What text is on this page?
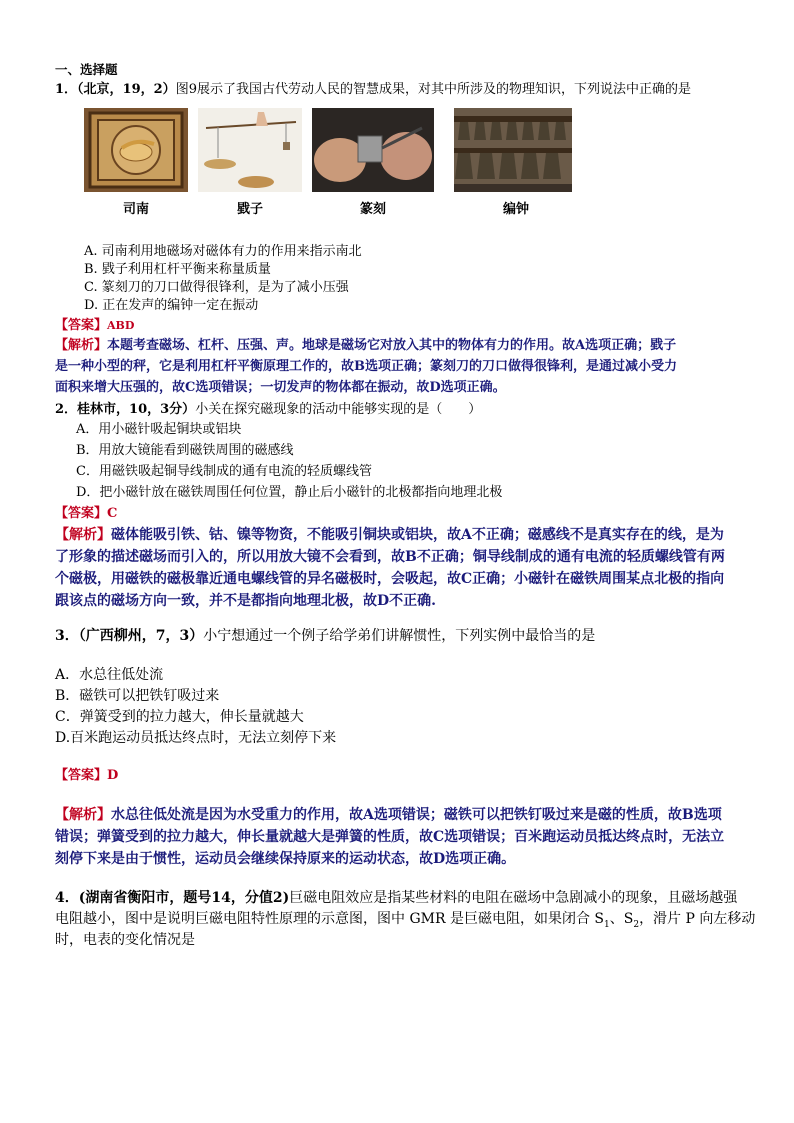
一、选择题
1．（北京，19，2）图9展示了我国古代劳动人民的智慧成果，对其中所涉及的物理知识，下列说法中正确的是
司南	戥子	篆刻	编钟
A. 司南利用地磁场对磁体有力的作用来指示南北
B. 戥子利用杠杆平衡来称量质量
C. 篆刻刀的刀口做得很锋利，是为了减小压强
D. 正在发声的编钟一定在振动
【答案】ABD
【解析】本题考查磁场、杠杆、压强、声。地球是磁场它对放入其中的物体有力的作用。故A选项正确；戥子
是一种小型的秤，它是利用杠杆平衡原理工作的，故B选项正确；篆刻刀的刀口做得很锋利，是通过减小受力
面积来增大压强的，故C选项错误；一切发声的物体都在振动，故D选项正确。
2．桂林市，10，3分）小关在探究磁现象的活动中能够实现的是（　　）
A．用小磁针吸起铜块或铝块
B．用放大镜能看到磁铁周围的磁感线
C．用磁铁吸起铜导线制成的通有电流的轻质螺线管
D．把小磁针放在磁铁周围任何位置，静止后小磁针的北极都指向地理北极
【答案】C
【解析】磁体能吸引铁、钴、镍等物资，不能吸引铜块或铝块，故A不正确；磁感线不是真实存在的线，是为
了形象的描述磁场而引入的，所以用放大镜不会看到，故B不正确；铜导线制成的通有电流的轻质螺线管有两
个磁极，用磁铁的磁极靠近通电螺线管的异名磁极时，会吸起，故C正确；小磁针在磁铁周围某点北极的指向
跟该点的磁场方向一致，并不是都指向地理北极，故D不正确.
3．（广西柳州，7，3）小宁想通过一个例子给学弟们讲解惯性，下列实例中最恰当的是
A．水总往低处流
B．磁铁可以把铁钉吸过来
C．弹簧受到的拉力越大，伸长量就越大
D.百米跑运动员抵达终点时，无法立刻停下来
【答案】D
【解析】水总往低处流是因为水受重力的作用，故A选项错误；磁铁可以把铁钉吸过来是磁的性质，故B选项
错误；弹簧受到的拉力越大，伸长量就越大是弹簧的性质，故C选项错误；百米跑运动员抵达终点时，无法立
刻停下来是由于惯性，运动员会继续保持原来的运动状态，故D选项正确。
4．(湖南省衡阳市，题号14，分值2)巨磁电阻效应是指某些材料的电阻在磁场中急剧减小的现象，且磁场越强
电阻越小，图中是说明巨磁电阻特性原理的示意图，图中 GMR 是巨磁电阻，如果闭合 $S_1$、$S_2$，滑片 P 向左移动
时，电表的变化情况是
